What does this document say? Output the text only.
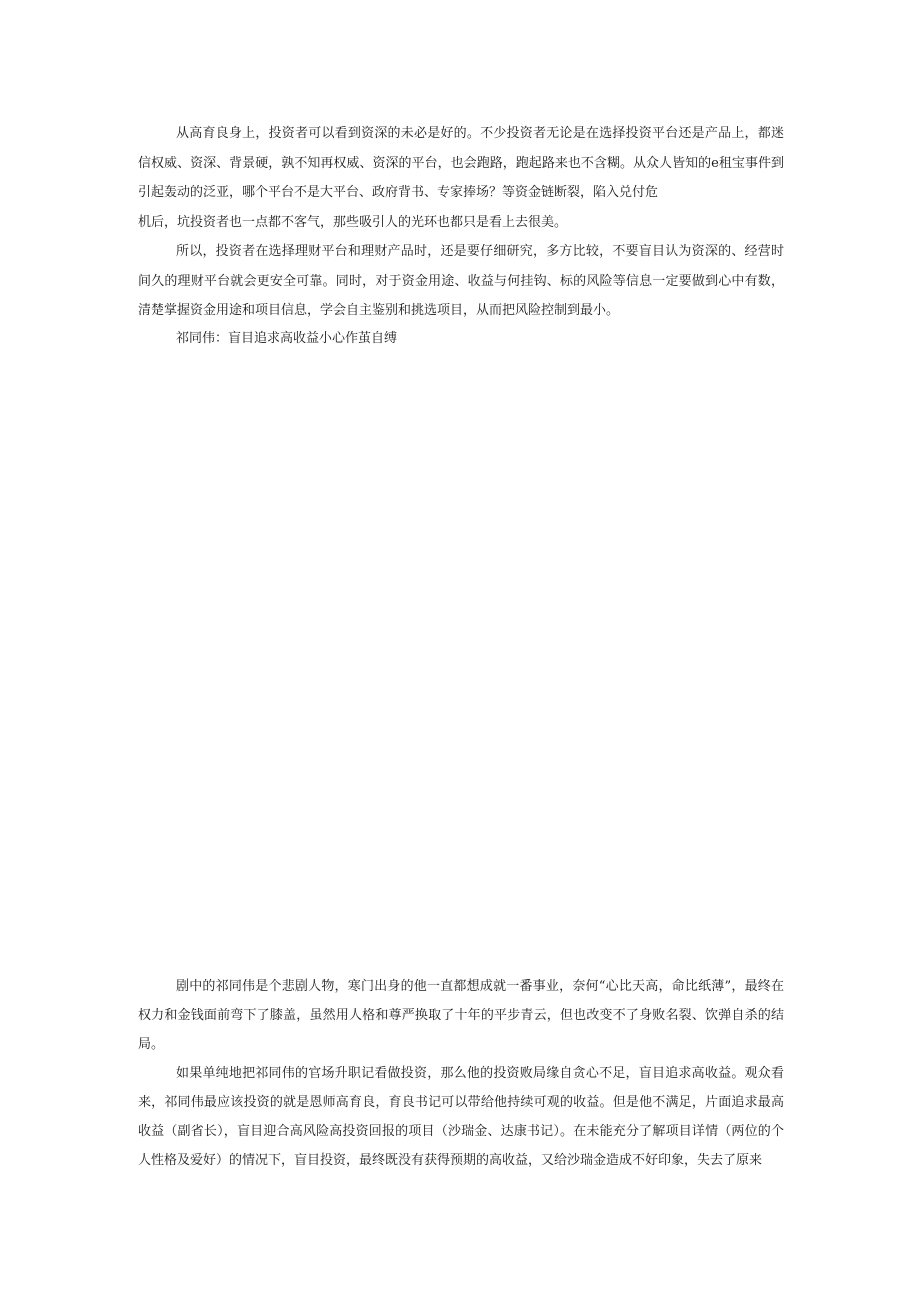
从高育良身上，投资者可以看到资深的未必是好的。不少投资者无论是在选择投资平台还是产品上，都迷信权威、资深、背景硬，孰不知再权威、资深的平台，也会跑路，跑起路来也不含糊。从众人皆知的e租宝事件到引起轰动的泛亚，哪个平台不是大平台、政府背书、专家捧场？等资金链断裂，陷入兑付危

机后，坑投资者也一点都不客气，那些吸引人的光环也都只是看上去很美。

所以，投资者在选择理财平台和理财产品时，还是要仔细研究，多方比较，不要盲目认为资深的、经营时间久的理财平台就会更安全可靠。同时，对于资金用途、收益与何挂钩、标的风险等信息一定要做到心中有数，清楚掌握资金用途和项目信息，学会自主鉴别和挑选项目，从而把风险控制到最小。

祁同伟：盲目追求高收益小心作茧自缚

剧中的祁同伟是个悲剧人物，寒门出身的他一直都想成就一番事业，奈何“心比天高，命比纸薄”，最终在权力和金钱面前弯下了膝盖，虽然用人格和尊严换取了十年的平步青云，但也改变不了身败名裂、饮弹自杀的结局。

如果单纯地把祁同伟的官场升职记看做投资，那么他的投资败局缘自贪心不足，盲目追求高收益。观众看来，祁同伟最应该投资的就是恩师高育良，育良书记可以带给他持续可观的收益。但是他不满足，片面追求最高收益（副省长），盲目迎合高风险高投资回报的项目（沙瑞金、达康书记）。在未能充分了解项目详情（两位的个人性格及爱好）的情况下，盲目投资，最终既没有获得预期的高收益，又给沙瑞金造成不好印象，失去了原来
